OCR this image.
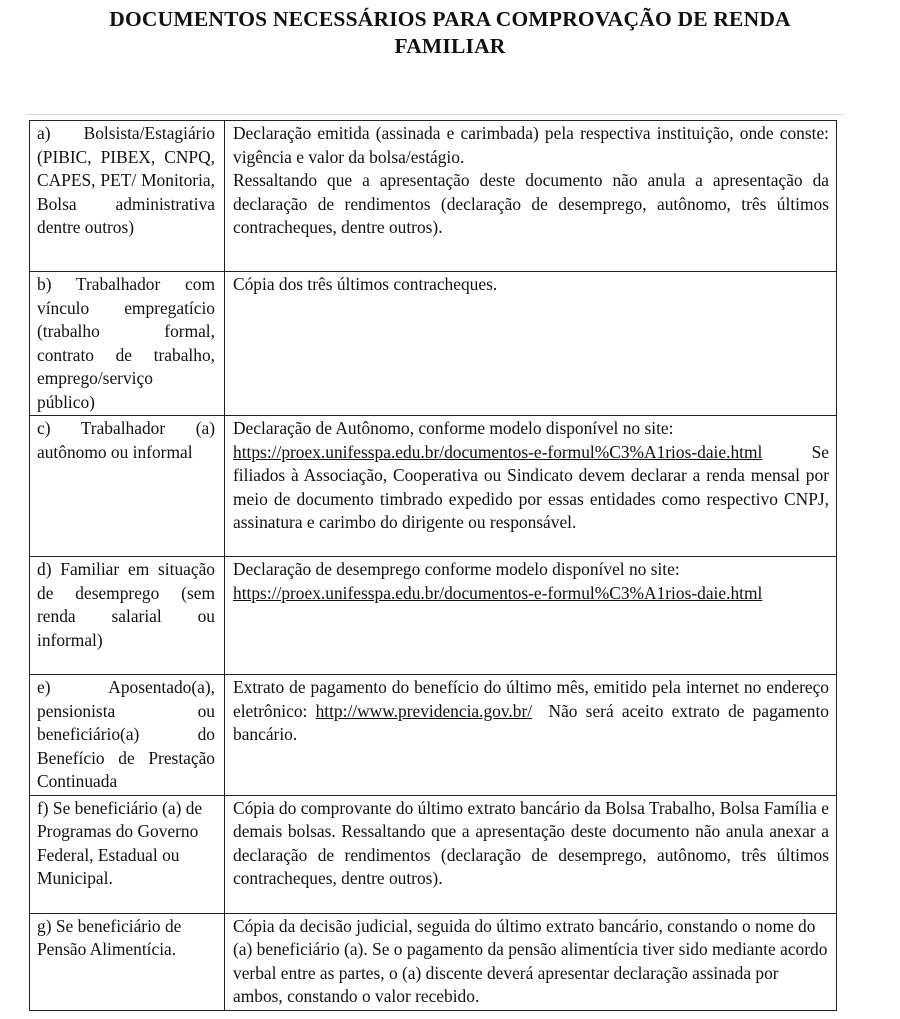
DOCUMENTOS NECESSÁRIOS PARA COMPROVAÇÃO DE RENDA
FAMILIAR
a) Bolsista/Estagiário (PIBIC, PIBEX, CNPQ, CAPES, PET/ Monitoria, Bolsa administrativa dentre outros)	Declaração emitida (assinada e carimbada) pela respectiva instituição, onde conste: vigência e valor da bolsa/estágio.
Ressaltando que a apresentação deste documento não anula a apresentação da declaração de rendimentos (declaração de desemprego, autônomo, três últimos contracheques, dentre outros).

b) Trabalhador com vínculo empregatício (trabalho formal, contrato de trabalho, emprego/serviço público)	Cópia dos três últimos contracheques.

c) Trabalhador (a) autônomo ou informal	Declaração de Autônomo, conforme modelo disponível no site:
https://proex.unifesspa.edu.br/documentos-e-formul%C3%A1rios-daie.html Se filiados à Associação, Cooperativa ou Sindicato devem declarar a renda mensal por meio de documento timbrado expedido por essas entidades como respectivo CNPJ, assinatura e carimbo do dirigente ou responsável.

d) Familiar em situação de desemprego (sem renda salarial ou informal)	Declaração de desemprego conforme modelo disponível no site:
https://proex.unifesspa.edu.br/documentos-e-formul%C3%A1rios-daie.html

e) Aposentado(a), pensionista ou beneficiário(a) do Benefício de Prestação Continuada	Extrato de pagamento do benefício do último mês, emitido pela internet no endereço eletrônico: http://www.previdencia.gov.br/  Não será aceito extrato de pagamento bancário.

f) Se beneficiário (a) de Programas do Governo Federal, Estadual ou Municipal.	Cópia do comprovante do último extrato bancário da Bolsa Trabalho, Bolsa Família e demais bolsas. Ressaltando que a apresentação deste documento não anula anexar a declaração de rendimentos (declaração de desemprego, autônomo, três últimos contracheques, dentre outros).

g) Se beneficiário de Pensão Alimentícia.	Cópia da decisão judicial, seguida do último extrato bancário, constando o nome do (a) beneficiário (a). Se o pagamento da pensão alimentícia tiver sido mediante acordo verbal entre as partes, o (a) discente deverá apresentar declaração assinada por ambos, constando o valor recebido.
